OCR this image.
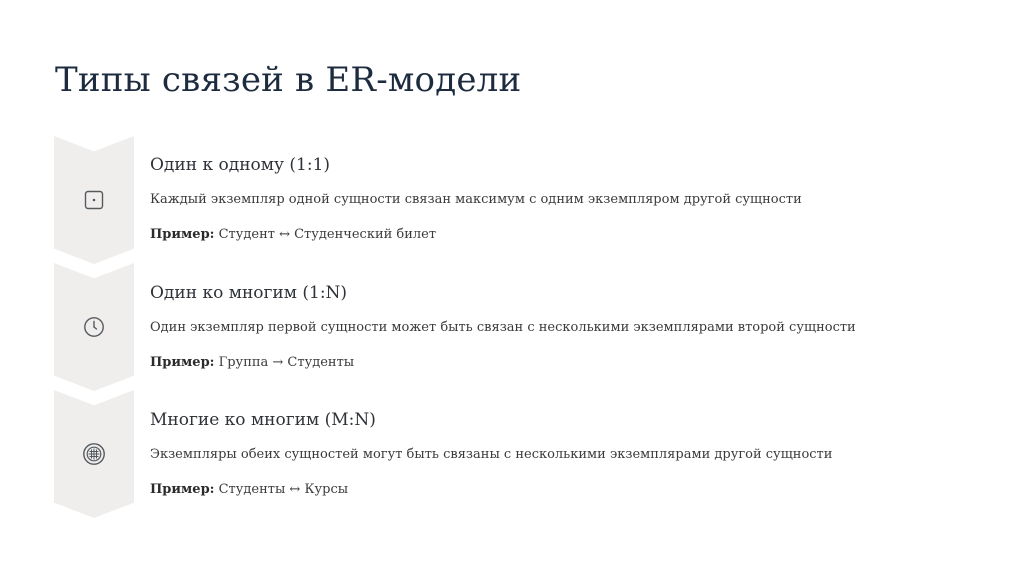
Типы связей в ER-модели
Один к одному (1:1)

Каждый экземпляр одной сущности связан максимум с одним экземпляром другой сущности

Пример: Студент ↔ Студенческий билет

Один ко многим (1:N)

Один экземпляр первой сущности может быть связан с несколькими экземплярами второй сущности

Пример: Группа → Студенты

Многие ко многим (M:N)

Экземпляры обеих сущностей могут быть связаны с несколькими экземплярами другой сущности

Пример: Студенты ↔ Курсы
